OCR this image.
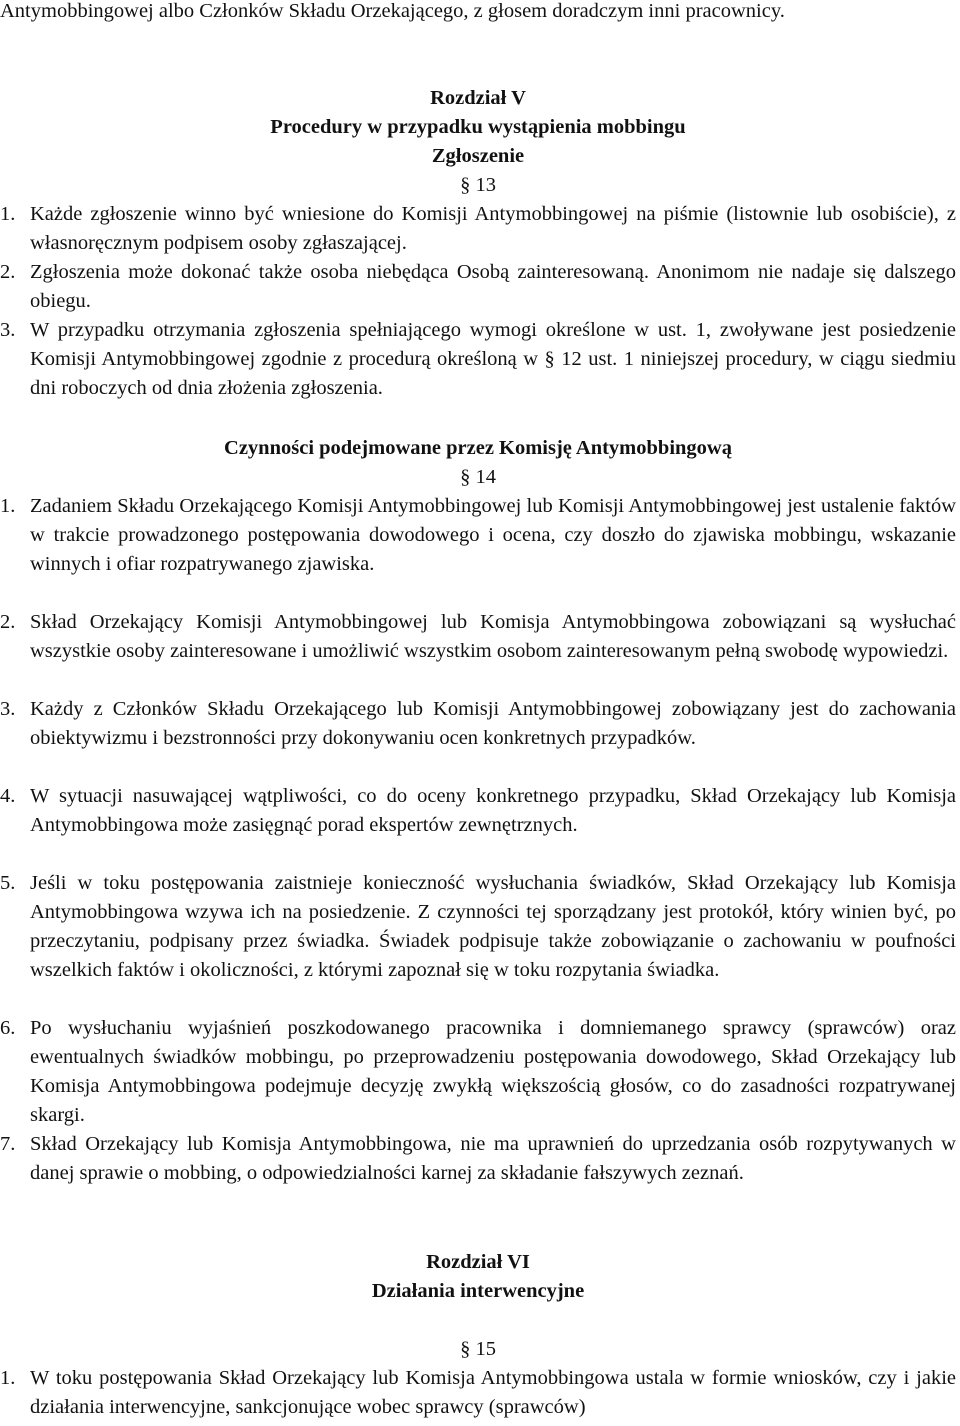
Antymobbingowej albo Członków Składu Orzekającego, z głosem doradczym inni pracownicy.
Rozdział V
Procedury w przypadku wystąpienia mobbingu
Zgłoszenie
§ 13
1. Każde zgłoszenie winno być wniesione do Komisji Antymobbingowej na piśmie (listownie lub osobiście), z własnoręcznym podpisem osoby zgłaszającej.
2. Zgłoszenia może dokonać także osoba niebędąca Osobą zainteresowaną. Anonimom nie nadaje się dalszego obiegu.
3. W przypadku otrzymania zgłoszenia spełniającego wymogi określone w ust. 1, zwoływane jest posiedzenie Komisji Antymobbingowej zgodnie z procedurą określoną w § 12 ust. 1 niniejszej procedury, w ciągu siedmiu dni roboczych od dnia złożenia zgłoszenia.
Czynności podejmowane przez Komisję Antymobbingową
§ 14
1. Zadaniem Składu Orzekającego Komisji Antymobbingowej lub Komisji Antymobbingowej jest ustalenie faktów w trakcie prowadzonego postępowania dowodowego i ocena, czy doszło do zjawiska mobbingu, wskazanie winnych i ofiar rozpatrywanego zjawiska.
2. Skład Orzekający Komisji Antymobbingowej lub Komisja Antymobbingowa zobowiązani są wysłuchać wszystkie osoby zainteresowane i umożliwić wszystkim osobom zainteresowanym pełną swobodę wypowiedzi.
3. Każdy z Członków Składu Orzekającego lub Komisji Antymobbingowej zobowiązany jest do zachowania obiektywizmu i bezstronności przy dokonywaniu ocen konkretnych przypadków.
4. W sytuacji nasuwającej wątpliwości, co do oceny konkretnego przypadku, Skład Orzekający lub Komisja Antymobbingowa może zasięgnąć porad ekspertów zewnętrznych.
5. Jeśli w toku postępowania zaistnieje konieczność wysłuchania świadków, Skład Orzekający lub Komisja Antymobbingowa wzywa ich na posiedzenie. Z czynności tej sporządzany jest protokół, który winien być, po przeczytaniu, podpisany przez świadka. Świadek podpisuje także zobowiązanie o zachowaniu w poufności wszelkich faktów i okoliczności, z którymi zapoznał się w toku rozpytania świadka.
6. Po wysłuchaniu wyjaśnień poszkodowanego pracownika i domniemanego sprawcy (sprawców) oraz ewentualnych świadków mobbingu, po przeprowadzeniu postępowania dowodowego, Skład Orzekający lub Komisja Antymobbingowa podejmuje decyzję zwykłą większością głosów, co do zasadności rozpatrywanej skargi.
7. Skład Orzekający lub Komisja Antymobbingowa, nie ma uprawnień do uprzedzania osób rozpytywanych w danej sprawie o mobbing, o odpowiedzialności karnej za składanie fałszywych zeznań.
Rozdział VI
Działania interwencyjne
§ 15
1. W toku postępowania Skład Orzekający lub Komisja Antymobbingowa ustala w formie wniosków, czy i jakie działania interwencyjne, sankcjonujące wobec sprawcy (sprawców)
